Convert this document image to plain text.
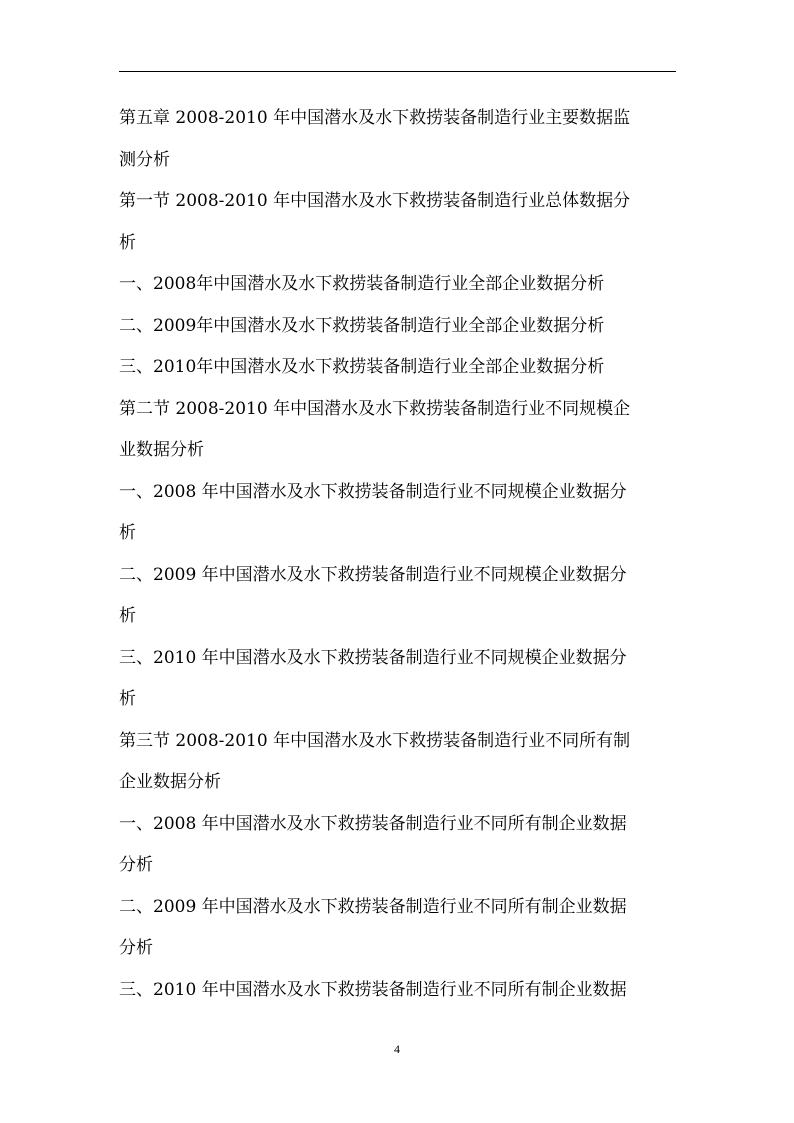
第五章 2008-2010 年中国潜水及水下救捞装备制造行业主要数据监
测分析
第一节 2008-2010 年中国潜水及水下救捞装备制造行业总体数据分
析
一、2008年中国潜水及水下救捞装备制造行业全部企业数据分析
二、2009年中国潜水及水下救捞装备制造行业全部企业数据分析
三、2010年中国潜水及水下救捞装备制造行业全部企业数据分析
第二节 2008-2010 年中国潜水及水下救捞装备制造行业不同规模企
业数据分析
一、2008 年中国潜水及水下救捞装备制造行业不同规模企业数据分
析
二、2009 年中国潜水及水下救捞装备制造行业不同规模企业数据分
析
三、2010 年中国潜水及水下救捞装备制造行业不同规模企业数据分
析
第三节 2008-2010 年中国潜水及水下救捞装备制造行业不同所有制
企业数据分析
一、2008 年中国潜水及水下救捞装备制造行业不同所有制企业数据
分析
二、2009 年中国潜水及水下救捞装备制造行业不同所有制企业数据
分析
三、2010 年中国潜水及水下救捞装备制造行业不同所有制企业数据
4
